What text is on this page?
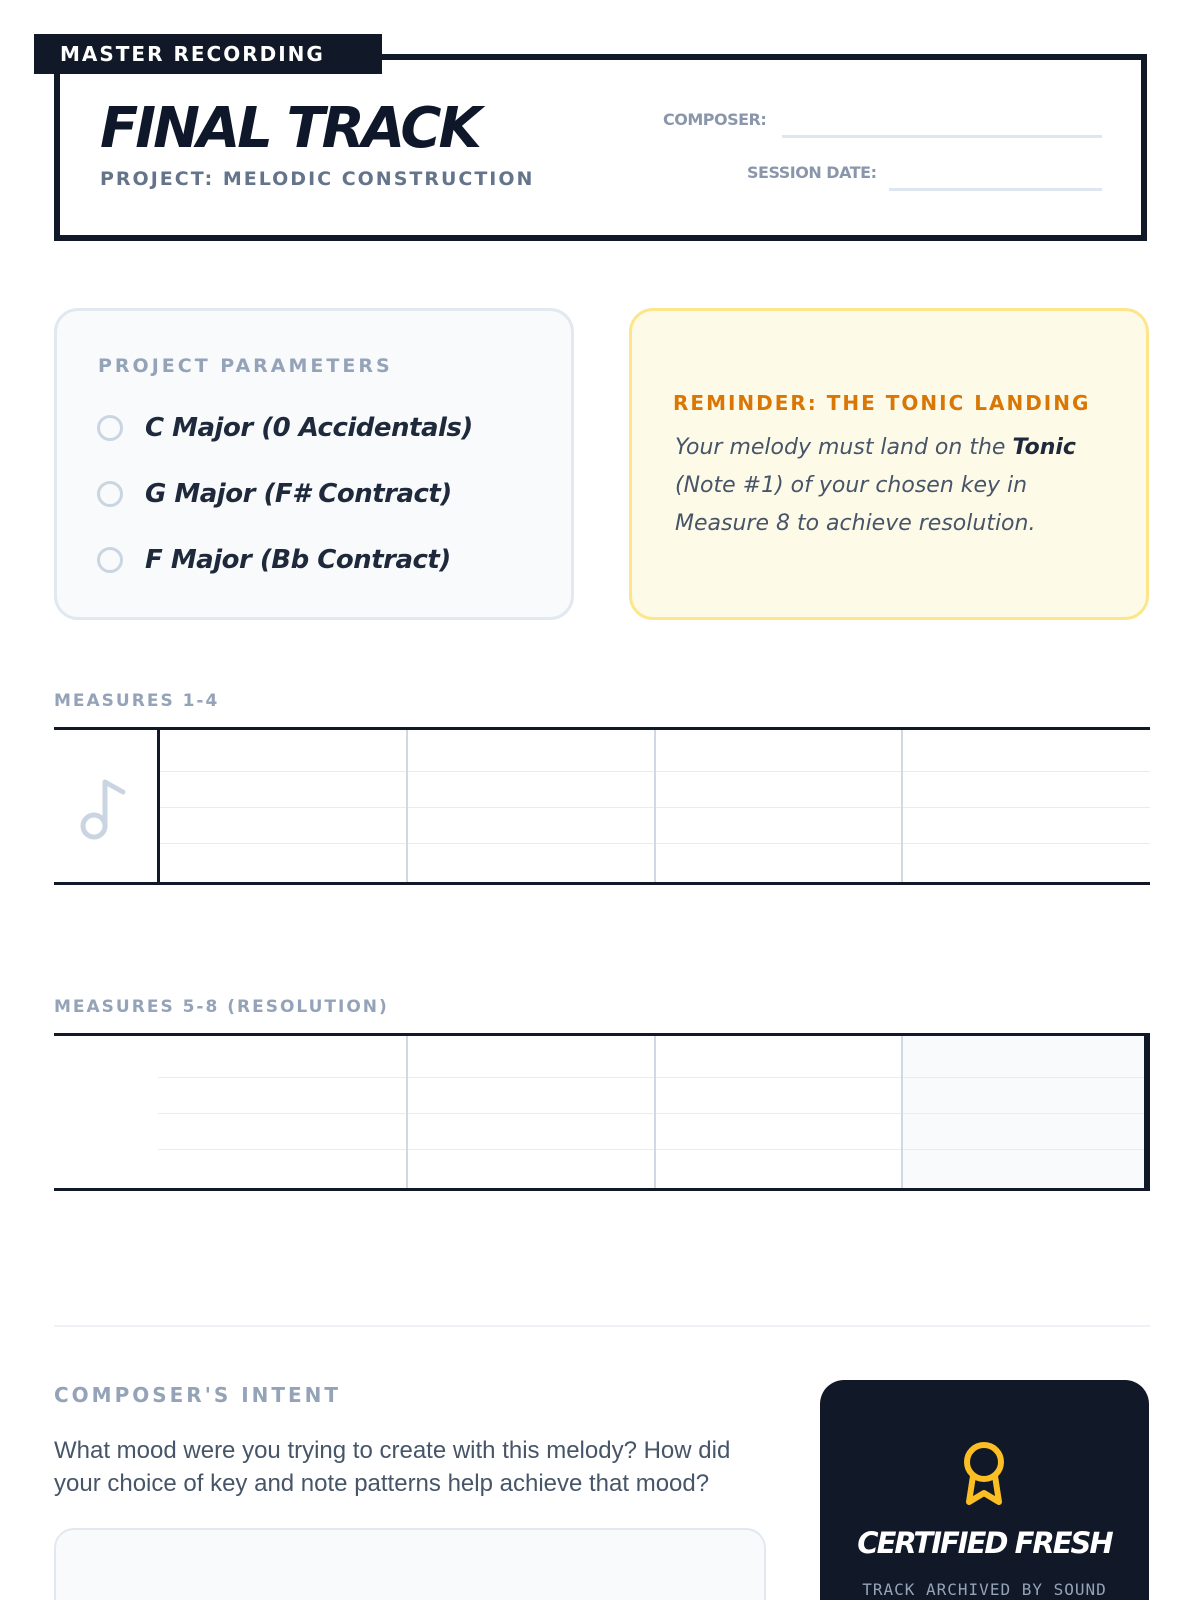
MASTER RECORDING LOG
FINAL TRACK
PROJECT: MELODIC CONSTRUCTION
COMPOSER:
SESSION DATE:
PROJECT PARAMETERS
C Major (0 Accidentals)
G Major (F# Contract)
F Major (Bb Contract)
REMINDER: THE TONIC LANDING
Your melody must land on the Tonic (Note #1) of your chosen key in Measure 8 to achieve resolution.
MEASURES 1-4
MEASURES 5-8 (RESOLUTION)
COMPOSER'S INTENT
What mood were you trying to create with this melody? How did your choice of key and note patterns help achieve that mood?
CERTIFIED FRESH
TRACK ARCHIVED BY SOUND
